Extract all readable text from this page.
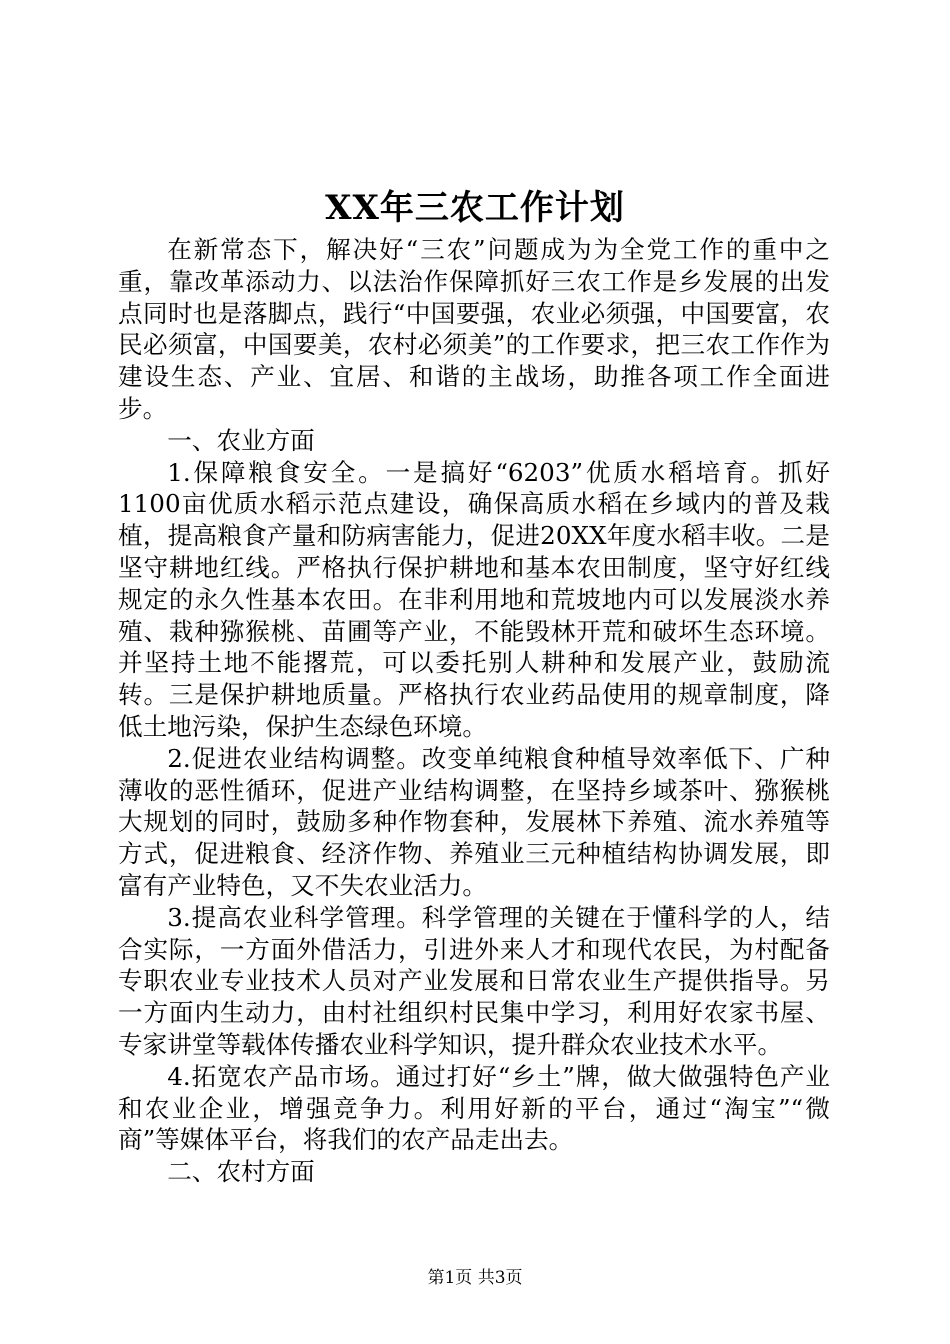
XX年三农工作计划

在新常态下，解决好“三农”问题成为为全党工作的重中之重，靠改革添动力、以法治作保障抓好三农工作是乡发展的出发点同时也是落脚点，践行“中国要强，农业必须强，中国要富，农民必须富，中国要美，农村必须美”的工作要求，把三农工作作为建设生态、产业、宜居、和谐的主战场，助推各项工作全面进步。

一、农业方面

1.保障粮食安全。一是搞好“6203”优质水稻培育。抓好1100亩优质水稻示范点建设，确保高质水稻在乡域内的普及栽植，提高粮食产量和防病害能力，促进20XX年度水稻丰收。二是坚守耕地红线。严格执行保护耕地和基本农田制度，坚守好红线规定的永久性基本农田。在非利用地和荒坡地内可以发展淡水养殖、栽种猕猴桃、苗圃等产业，不能毁林开荒和破坏生态环境。并坚持土地不能撂荒，可以委托别人耕种和发展产业，鼓励流转。三是保护耕地质量。严格执行农业药品使用的规章制度，降低土地污染，保护生态绿色环境。

2.促进农业结构调整。改变单纯粮食种植导效率低下、广种薄收的恶性循环，促进产业结构调整，在坚持乡域茶叶、猕猴桃大规划的同时，鼓励多种作物套种，发展林下养殖、流水养殖等方式，促进粮食、经济作物、养殖业三元种植结构协调发展，即富有产业特色，又不失农业活力。

3.提高农业科学管理。科学管理的关键在于懂科学的人，结合实际，一方面外借活力，引进外来人才和现代农民，为村配备专职农业专业技术人员对产业发展和日常农业生产提供指导。另一方面内生动力，由村社组织村民集中学习，利用好农家书屋、专家讲堂等载体传播农业科学知识，提升群众农业技术水平。

4.拓宽农产品市场。通过打好“乡土”牌，做大做强特色产业和农业企业，增强竞争力。利用好新的平台，通过“淘宝”“微商”等媒体平台，将我们的农产品走出去。

二、农村方面

第1页 共3页
